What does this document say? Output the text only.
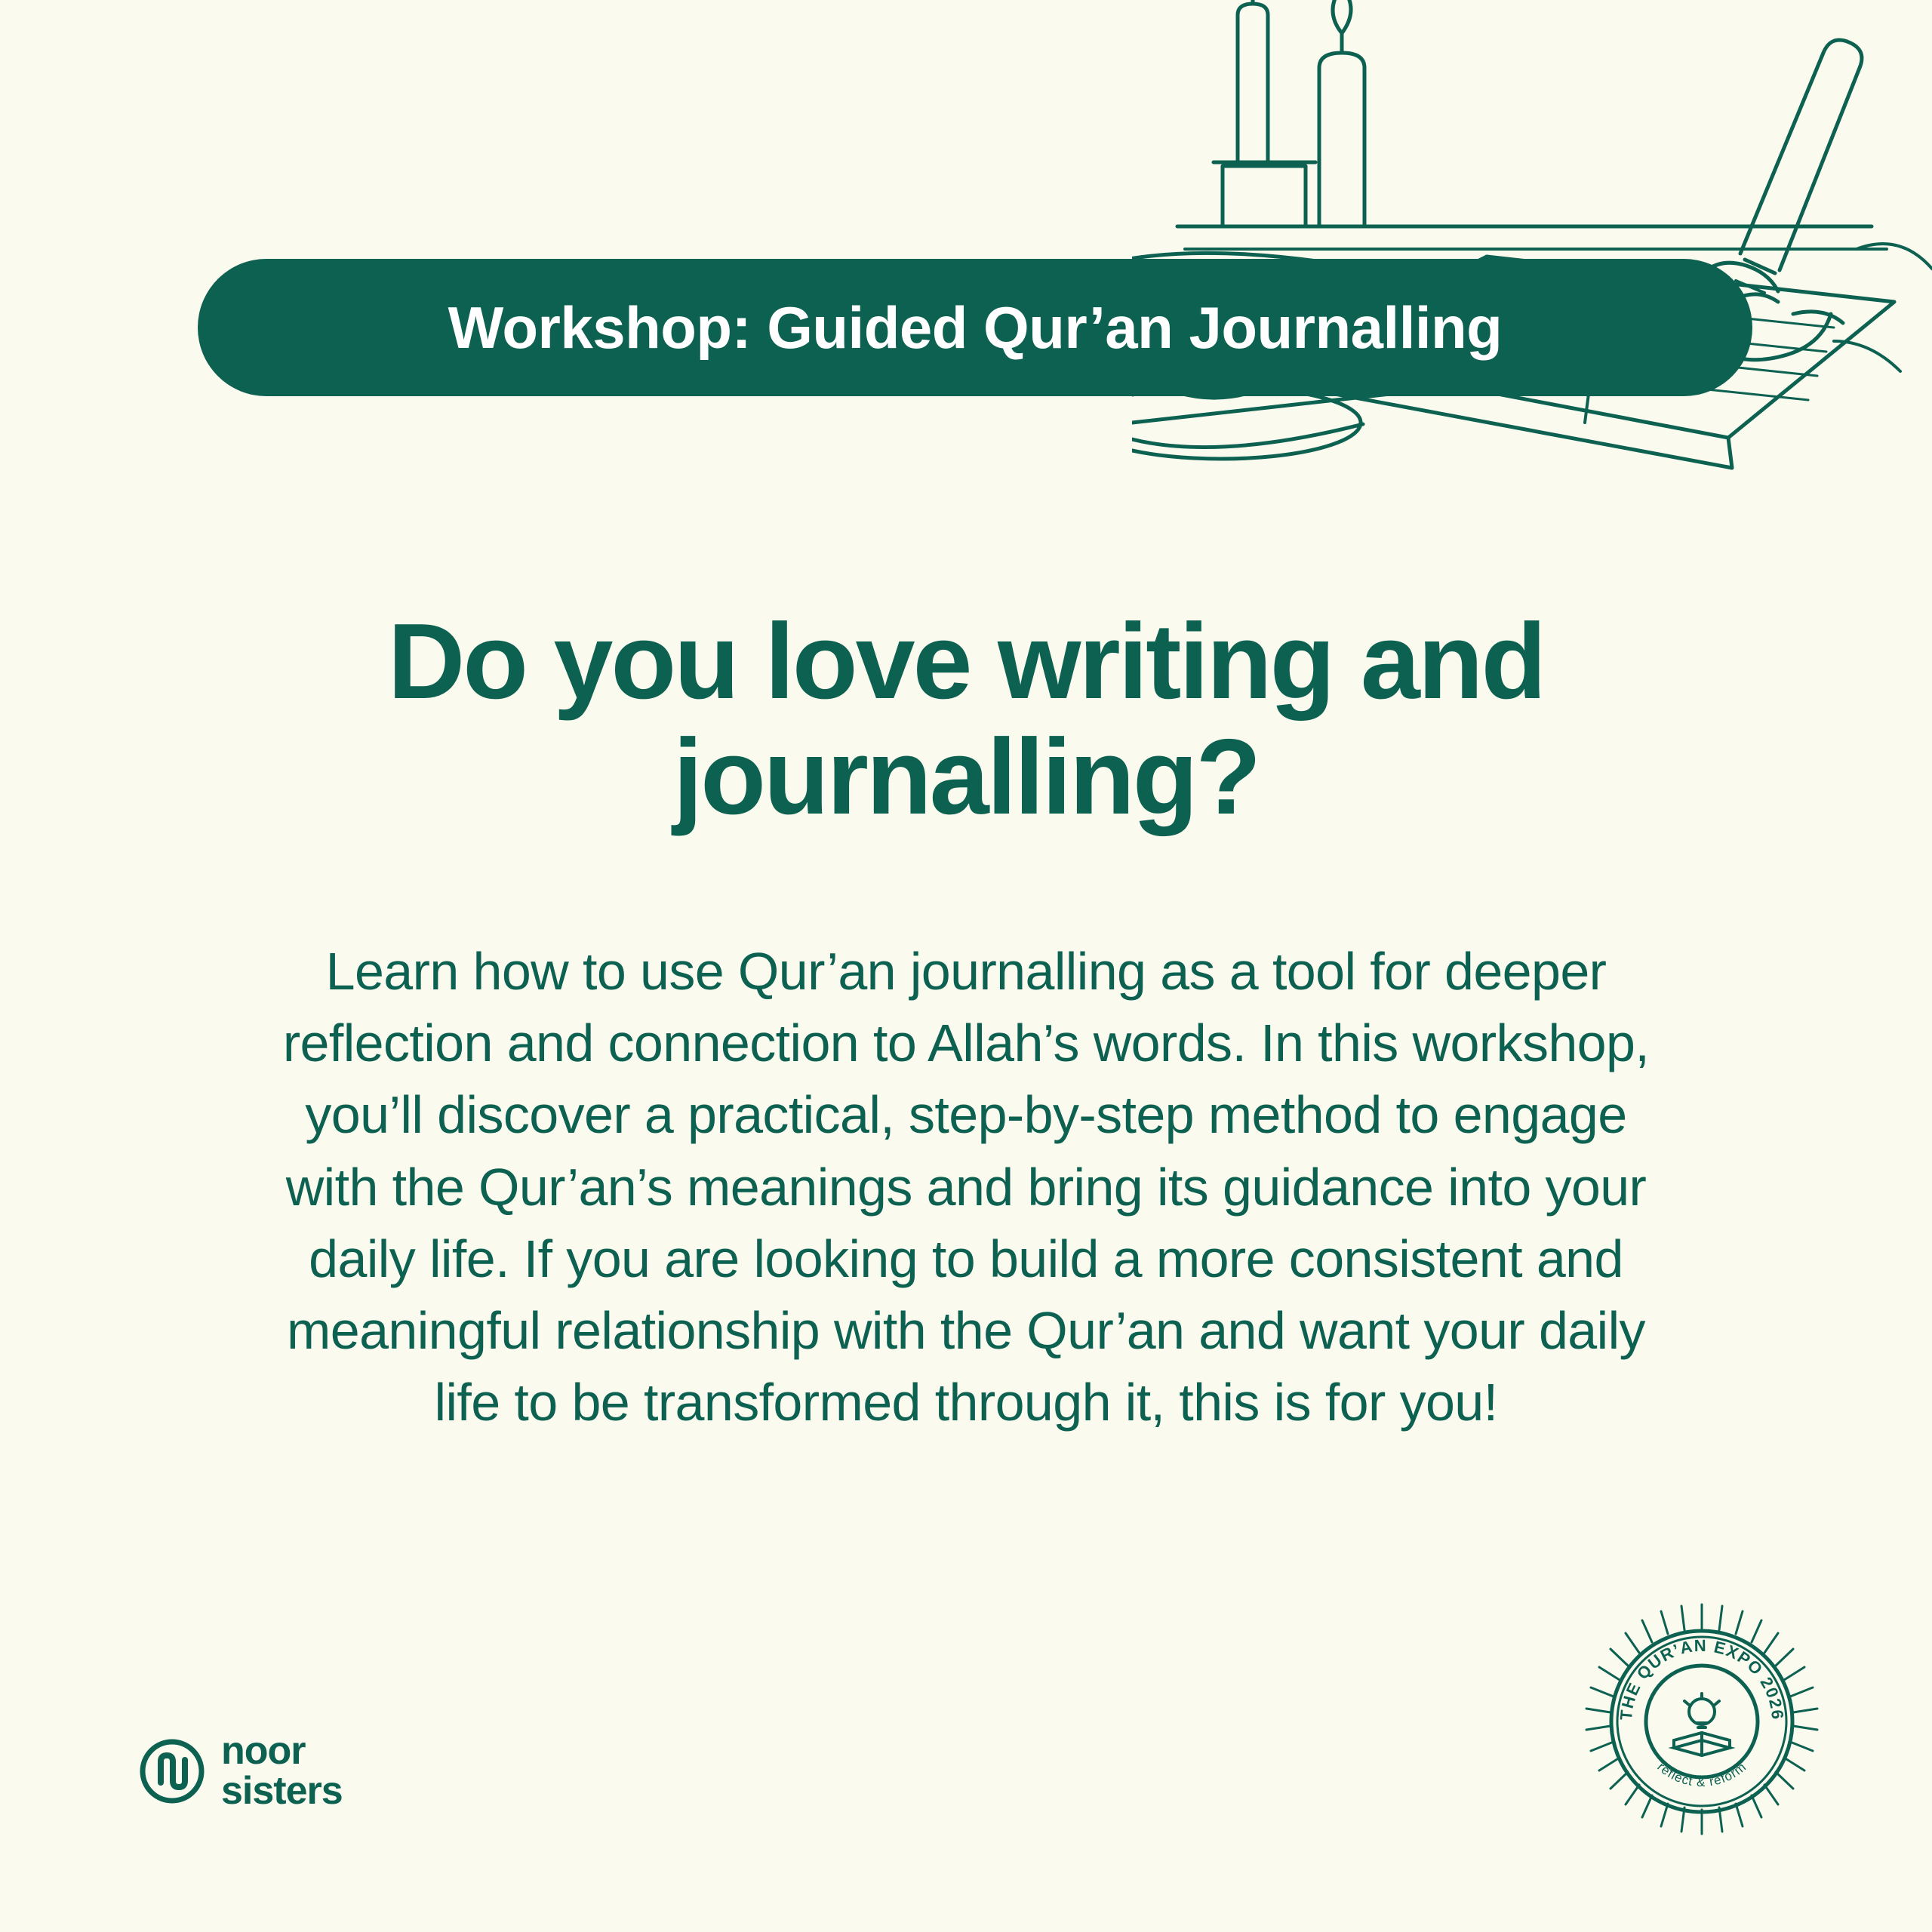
Workshop: Guided Qur’an Journalling
Do you love writing and journalling?
Learn how to use Qur’an journalling as a tool for deeper reflection and connection to Allah’s words. In this workshop, you’ll discover a practical, step-by-step method to engage with the Qur’an’s meanings and bring its guidance into your daily life. If you are looking to build a more consistent and meaningful relationship with the Qur’an and want your daily life to be transformed through it, this is for you!
noor
sisters
THE QUR’AN EXPO 2026
reflect & reform
